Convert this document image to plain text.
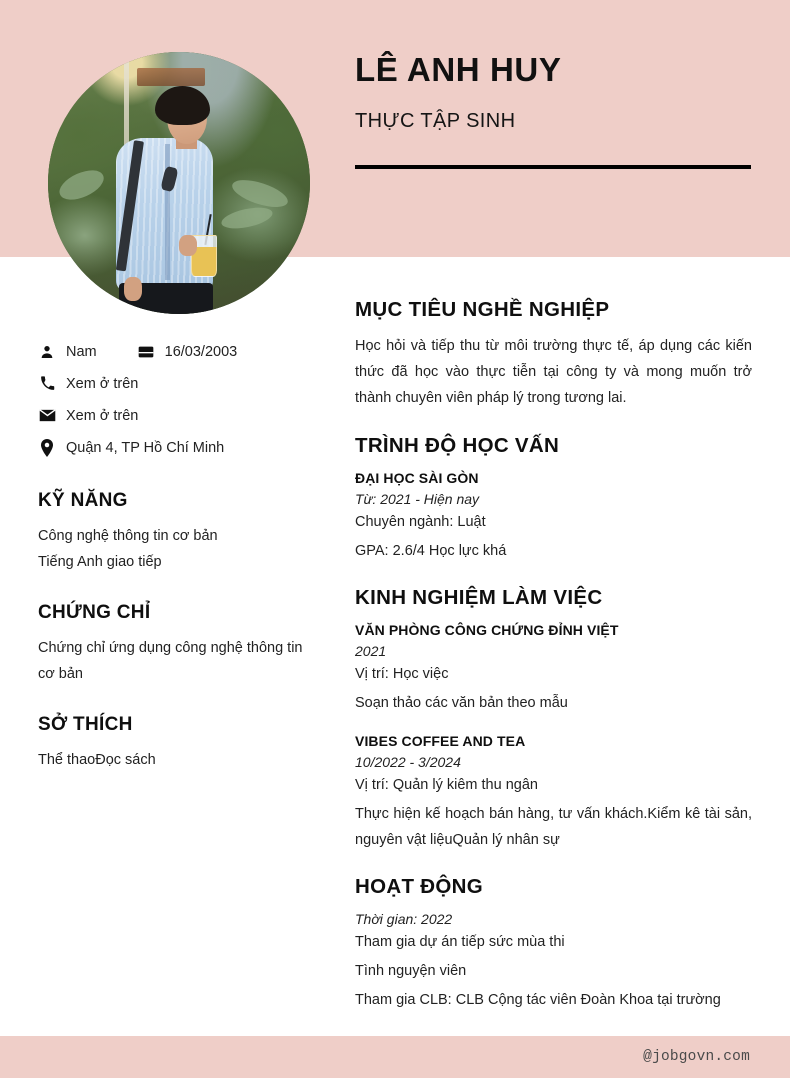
LÊ ANH HUY
THỰC TẬP SINH
Nam	16/03/2003
Xem ở trên
Xem ở trên
Quận 4, TP Hồ Chí Minh
KỸ NĂNG
Công nghệ thông tin cơ bản
Tiếng Anh giao tiếp
CHỨNG CHỈ
Chứng chỉ ứng dụng công nghệ thông tin cơ bản
SỞ THÍCH
Thể thaoĐọc sách
MỤC TIÊU NGHỀ NGHIỆP
Học hỏi và tiếp thu từ môi trường thực tế, áp dụng các kiến thức đã học vào thực tiễn tại công ty và mong muốn trở thành chuyên viên pháp lý trong tương lai.
TRÌNH ĐỘ HỌC VẤN
ĐẠI HỌC SÀI GÒN
Từ: 2021 - Hiện nay
Chuyên ngành: Luật
GPA: 2.6/4 Học lực khá
KINH NGHIỆM LÀM VIỆC
VĂN PHÒNG CÔNG CHỨNG ĐỈNH VIỆT
2021
Vị trí: Học việc
Soạn thảo các văn bản theo mẫu
VIBES COFFEE AND TEA
10/2022 - 3/2024
Vị trí: Quản lý kiêm thu ngân
Thực hiện kế hoạch bán hàng, tư vấn khách.Kiểm kê tài sản, nguyên vật liệuQuản lý nhân sự
HOẠT ĐỘNG
Thời gian: 2022
Tham gia dự án tiếp sức mùa thi
Tình nguyện viên
Tham gia CLB: CLB Cộng tác viên Đoàn Khoa tại trường
@jobgovn.com
